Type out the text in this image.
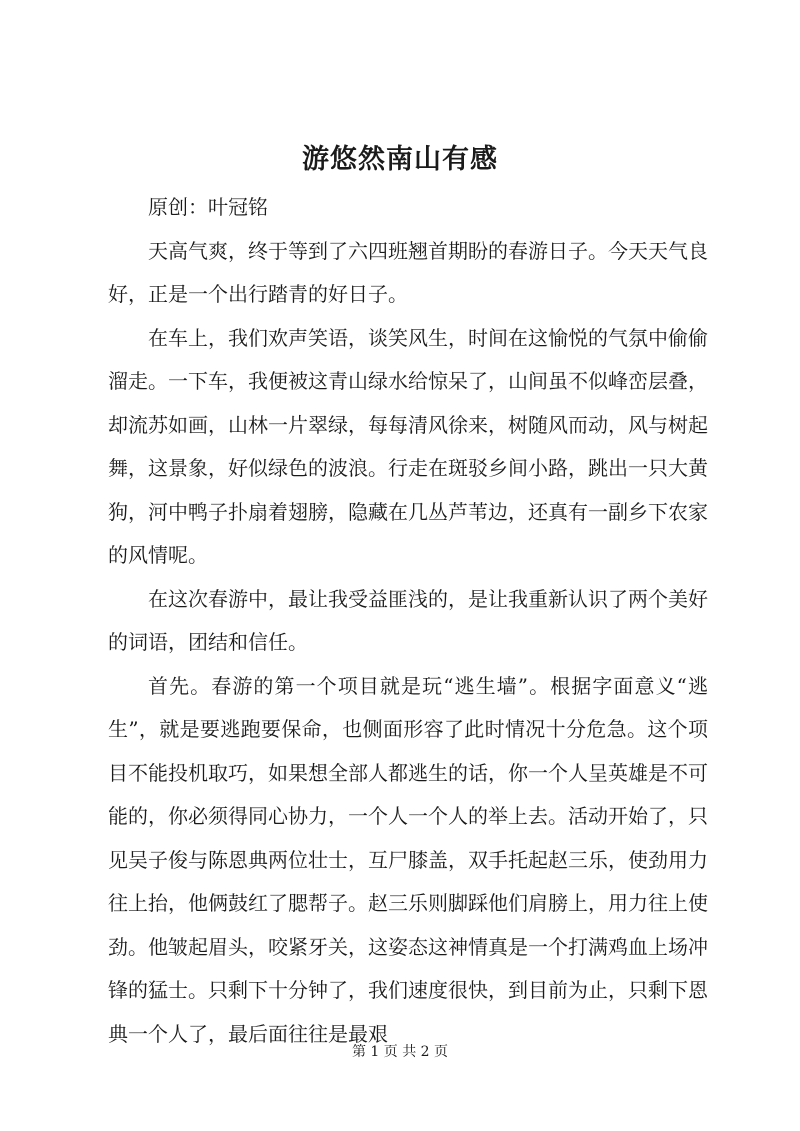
游悠然南山有感

原创：叶冠铭

天高气爽，终于等到了六四班翘首期盼的春游日子。今天天气良好，正是一个出行踏青的好日子。

在车上，我们欢声笑语，谈笑风生，时间在这愉悦的气氛中偷偷溜走。一下车，我便被这青山绿水给惊呆了，山间虽不似峰峦层叠，却流苏如画，山林一片翠绿，每每清风徐来，树随风而动，风与树起舞，这景象，好似绿色的波浪。行走在斑驳乡间小路，跳出一只大黄狗，河中鸭子扑扇着翅膀，隐藏在几丛芦苇边，还真有一副乡下农家的风情呢。

在这次春游中，最让我受益匪浅的，是让我重新认识了两个美好的词语，团结和信任。

首先。春游的第一个项目就是玩“逃生墙”。根据字面意义“逃生”，就是要逃跑要保命，也侧面形容了此时情况十分危急。这个项目不能投机取巧，如果想全部人都逃生的话，你一个人呈英雄是不可能的，你必须得同心协力，一个人一个人的举上去。活动开始了，只见吴子俊与陈恩典两位壮士，互尸膝盖，双手托起赵三乐，使劲用力往上抬，他俩鼓红了腮帮子。赵三乐则脚踩他们肩膀上，用力往上使劲。他皱起眉头，咬紧牙关，这姿态这神情真是一个打满鸡血上场冲锋的猛士。只剩下十分钟了，我们速度很快，到目前为止，只剩下恩典一个人了，最后面往往是最艰

第 1 页 共 2 页
